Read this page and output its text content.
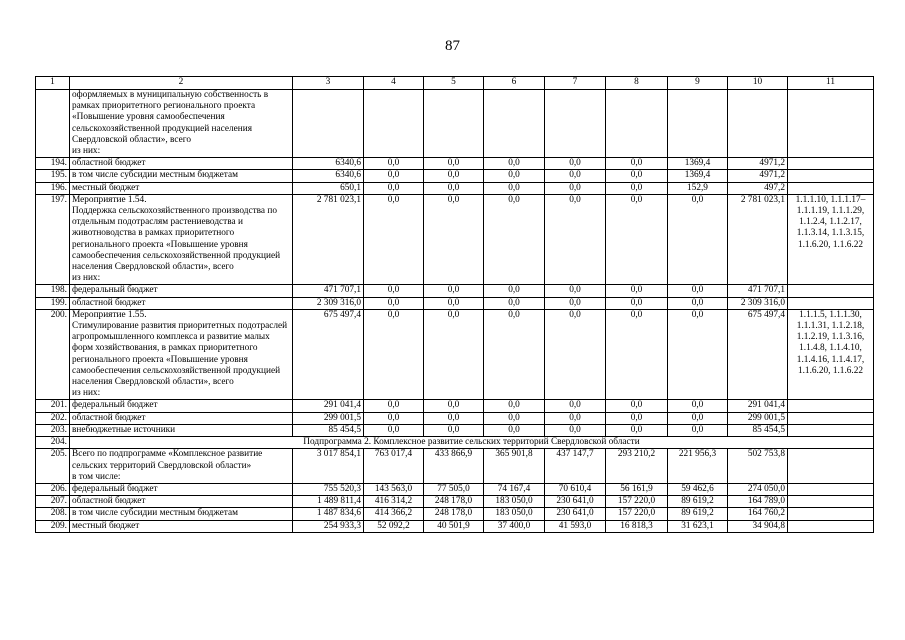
87
1	2	3	4	5	6	7	8	9	10	11
	оформляемых в муниципальную собственность в рамках приоритетного регионального проекта «Повышение уровня самообеспечения сельскохозяйственной продукцией населения Свердловской области», всего
из них:									
194.	областной бюджет	6340,6	0,0	0,0	0,0	0,0	0,0	1369,4	4971,2	
195.	в том числе субсидии местным бюджетам	6340,6	0,0	0,0	0,0	0,0	0,0	1369,4	4971,2	
196.	местный бюджет	650,1	0,0	0,0	0,0	0,0	0,0	152,9	497,2	
197.	Мероприятие 1.54.
Поддержка сельскохозяйственного производства по отдельным подотраслям растениеводства и животноводства в рамках приоритетного регионального проекта «Повышение уровня самообеспечения сельскохозяйственной продукцией населения Свердловской области», всего
из них:	2 781 023,1	0,0	0,0	0,0	0,0	0,0	0,0	2 781 023,1	1.1.1.10, 1.1.1.17–1.1.1.19, 1.1.1.29, 1.1.2.4, 1.1.2.17, 1.1.3.14, 1.1.3.15, 1.1.6.20, 1.1.6.22
198.	федеральный бюджет	471 707,1	0,0	0,0	0,0	0,0	0,0	0,0	471 707,1	
199.	областной бюджет	2 309 316,0	0,0	0,0	0,0	0,0	0,0	0,0	2 309 316,0	
200.	Мероприятие 1.55.
Стимулирование развития приоритетных подотраслей агропромышленного комплекса и развитие малых форм хозяйствования, в рамках приоритетного регионального проекта «Повышение уровня самообеспечения сельскохозяйственной продукцией населения Свердловской области», всего
из них:	675 497,4	0,0	0,0	0,0	0,0	0,0	0,0	675 497,4	1.1.1.5, 1.1.1.30, 1.1.1.31, 1.1.2.18, 1.1.2.19, 1.1.3.16, 1.1.4.8, 1.1.4.10, 1.1.4.16, 1.1.4.17, 1.1.6.20, 1.1.6.22
201.	федеральный бюджет	291 041,4	0,0	0,0	0,0	0,0	0,0	0,0	291 041,4	
202.	областной бюджет	299 001,5	0,0	0,0	0,0	0,0	0,0	0,0	299 001,5	
203.	внебюджетные источники	85 454,5	0,0	0,0	0,0	0,0	0,0	0,0	85 454,5	
204.	Подпрограмма 2. Комплексное развитие сельских территорий Свердловской области									
205.	Всего по подпрограмме «Комплексное развитие сельских территорий Свердловской области»
в том числе:	3 017 854,1	763 017,4	433 866,9	365 901,8	437 147,7	293 210,2	221 956,3	502 753,8	
206.	федеральный бюджет	755 520,3	143 563,0	77 505,0	74 167,4	70 610,4	56 161,9	59 462,6	274 050,0	
207.	областной бюджет	1 489 811,4	416 314,2	248 178,0	183 050,0	230 641,0	157 220,0	89 619,2	164 789,0	
208.	в том числе субсидии местным бюджетам	1 487 834,6	414 366,2	248 178,0	183 050,0	230 641,0	157 220,0	89 619,2	164 760,2	
209.	местный бюджет	254 933,3	52 092,2	40 501,9	37 400,0	41 593,0	16 818,3	31 623,1	34 904,8	
